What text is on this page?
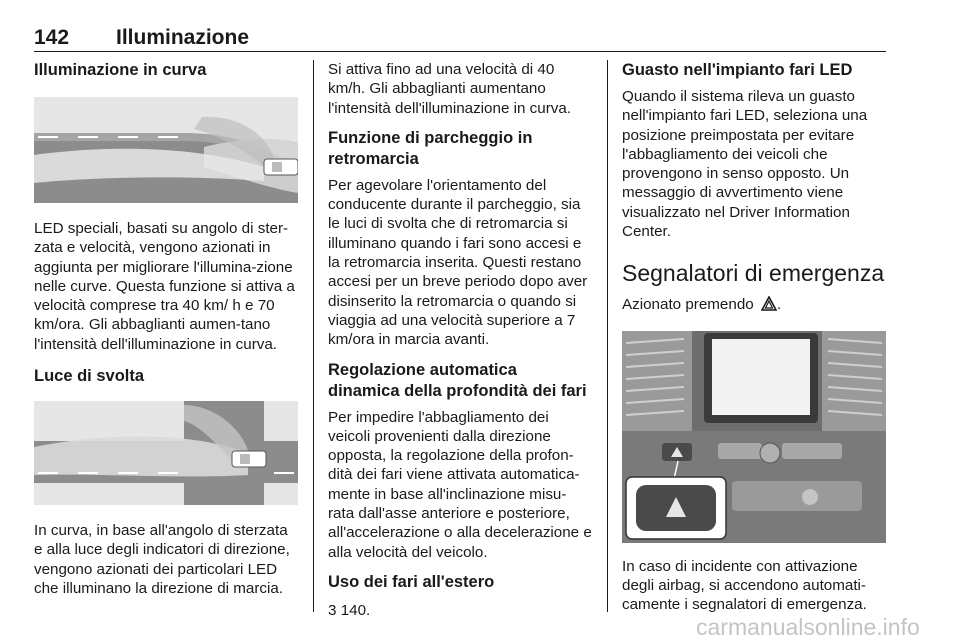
142 Illuminazione
Illuminazione in curva

LED speciali, basati su angolo di ster-zata e velocità, vengono azionati in aggiunta per migliorare l'illumina-zione nelle curve. Questa funzione si attiva a velocità comprese tra 40 km/ h e 70 km/ora. Gli abbaglianti aumen-tano l'intensità dell'illuminazione in curva.

Luce di svolta

In curva, in base all'angolo di sterzata e alla luce degli indicatori di direzione, vengono azionati dei particolari LED che illuminano la direzione di marcia.

Si attiva fino ad una velocità di 40 km/h. Gli abbaglianti aumentano l'intensità dell'illuminazione in curva.

Funzione di parcheggio in retromarcia

Per agevolare l'orientamento del conducente durante il parcheggio, sia le luci di svolta che di retromarcia si illuminano quando i fari sono accesi e la retromarcia inserita. Questi restano accesi per un breve periodo dopo aver disinserito la retromarcia o quando si viaggia ad una velocità superiore a 7 km/ora in marcia avanti.

Regolazione automatica dinamica della profondità dei fari

Per impedire l'abbagliamento dei veicoli provenienti dalla direzione opposta, la regolazione della profon-dità dei fari viene attivata automatica-mente in base all'inclinazione misu-rata dall'asse anteriore e posteriore, all'accelerazione o alla decelerazione e alla velocità del veicolo.

Uso dei fari all'estero

3 140.

Guasto nell'impianto fari LED

Quando il sistema rileva un guasto nell'impianto fari LED, seleziona una posizione preimpostata per evitare l'abbagliamento dei veicoli che provengono in senso opposto. Un messaggio di avvertimento viene visualizzato nel Driver Information Center.

Segnalatori di emergenza

Azionato premendo .

In caso di incidente con attivazione degli airbag, si accendono automati-camente i segnalatori di emergenza.

carmanualsonline.info
